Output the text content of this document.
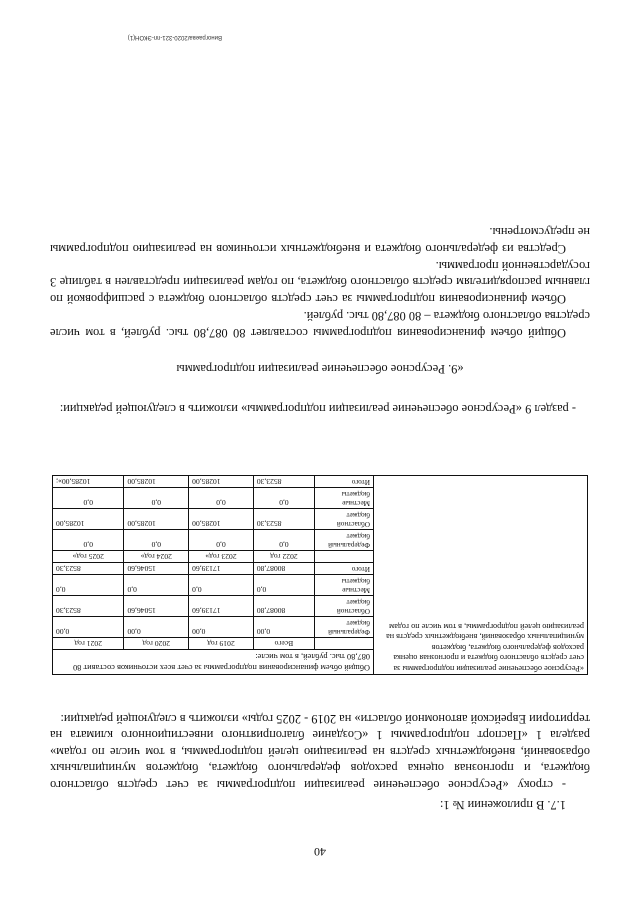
40

1.7. В приложении № 1:

- строку «Ресурсное обеспечение реализации подпрограммы за счет средств областного бюджета, и прогнозная оценка расходов федерального бюджета, бюджетов муниципальных образований, внебюджетных средств на реализацию целей подпрограммы, в том числе по годам» раздела 1 «Паспорт подпрограммы 1 «Создание благоприятного инвестиционного климата на территории Еврейской автономной области» на 2019 - 2025 годы» изложить в следующей редакции:

«Ресурсное обеспечение реализации подпрограммы за счет средств областного бюджета и прогнозная оценка расходов федерального бюджета, бюджетов муниципальных образований, внебюджетных средств на реализацию целей подпрограммы, в том числе по годам	Общий объем финансирования подпрограммы за счет всех источников составит 80 087,80 тыс. рублей, в том числе:				
		Всего	2019 год	2020 год	2021 год
	Федеральный бюджет	0,00	0,00	0,00	0,00
	Областной бюджет	80087,80	17139,60	15046,60	8523,30
	Местные бюджеты	0,0	0,0	0,0	0,0
	Итого	80087,80	17139,60	15046,60	8523,30
		2022 год	2023 год»	2024 год»	2025 год»
	Федеральный бюджет	0,0	0,0	0,0	0,0
	Областной бюджет	8523,30	10285,00	10285,00	10285,00
	Местные бюджеты	0,0	0,0	0,0	0,0
	Итого	8523,30	10285,00	10285,00	10285,00»;

- раздел 9 «Ресурсное обеспечение реализации подпрограммы» изложить в следующей редакции:

«9. Ресурсное обеспечение реализации подпрограммы

Общий объем финансирования подпрограммы составляет 80 087,80 тыс. рублей, в том числе средства областного бюджета – 80 087,80 тыс. рублей.

Объем финансирования подпрограммы за счет средств областного бюджета с расшифровкой по главным распорядителям средств областного бюджета, по годам реализации представлен в таблице 3 государственной программы.

Средства из федерального бюджета и внебюджетных источников на реализацию подпрограммы не предусмотрены.

Винограева/2020-321-пп-ЭКОН(1)
